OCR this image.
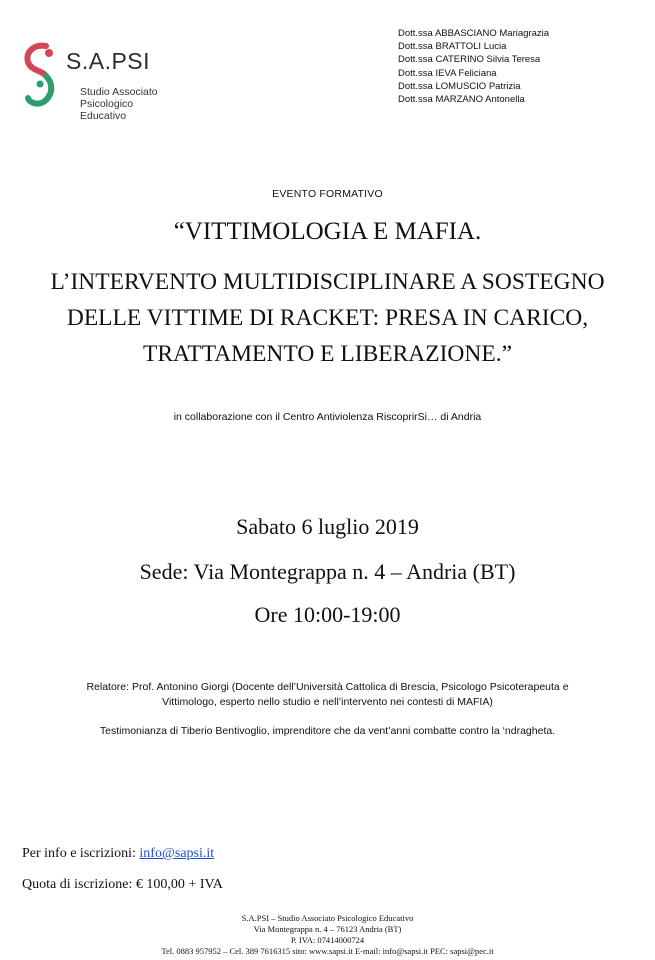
S.A.PSI
Studio Associato
Psicologico Educativo
Dott.ssa ABBASCIANO Mariagrazia
Dott.ssa BRATTOLI Lucia
Dott.ssa CATERINO Silvia Teresa
Dott.ssa IEVA Feliciana
Dott.ssa LOMUSCIO Patrizia
Dott.ssa MARZANO Antonella
EVENTO FORMATIVO
“VITTIMOLOGIA E MAFIA.
L’INTERVENTO MULTIDISCIPLINARE A SOSTEGNO
DELLE VITTIME DI RACKET: PRESA IN CARICO,
TRATTAMENTO E LIBERAZIONE.”
in collaborazione con il Centro Antiviolenza RiscoprirSi… di Andria
Sabato 6 luglio 2019
Sede: Via Montegrappa n. 4 – Andria (BT)
Ore 10:00-19:00
Relatore: Prof. Antonino Giorgi (Docente dell’Università Cattolica di Brescia, Psicologo Psicoterapeuta e
Vittimologo, esperto nello studio e nell’intervento nei contesti di MAFIA)
Testimonianza di Tiberio Bentivoglio, imprenditore che da vent’anni combatte contro la ‘ndragheta.
Per info e iscrizioni: info@sapsi.it
Quota di iscrizione: € 100,00 + IVA
S.A.PSI – Studio Associato Psicologico Educativo
Via Montegrappa n. 4 – 76123 Andria (BT)
P. IVA: 07414000724
Tel. 0883 957952 – Cel. 389 7616315 sito: www.sapsi.it E-mail: info@sapsi.it PEC: sapsi@pec.it
